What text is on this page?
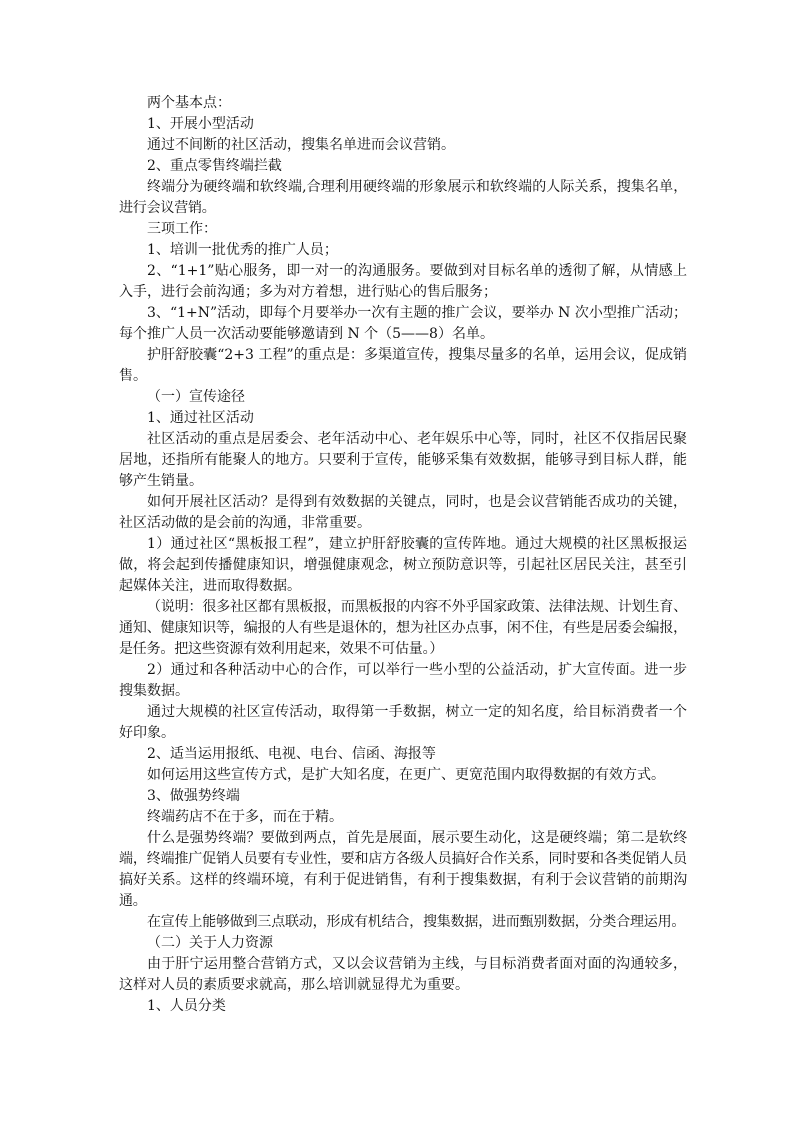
两个基本点：

1、开展小型活动

通过不间断的社区活动，搜集名单进而会议营销。

2、重点零售终端拦截

终端分为硬终端和软终端,合理利用硬终端的形象展示和软终端的人际关系，搜集名单，进行会议营销。

三项工作：

1、培训一批优秀的推广人员；

2、“1+1”贴心服务，即一对一的沟通服务。要做到对目标名单的透彻了解，从情感上入手，进行会前沟通；多为对方着想，进行贴心的售后服务；

3、“1+N”活动，即每个月要举办一次有主题的推广会议，要举办 N 次小型推广活动；每个推广人员一次活动要能够邀请到 N 个（5——8）名单。

护肝舒胶囊“2+3 工程”的重点是：多渠道宣传，搜集尽量多的名单，运用会议，促成销售。

（一）宣传途径

1、通过社区活动

社区活动的重点是居委会、老年活动中心、老年娱乐中心等，同时，社区不仅指居民聚居地，还指所有能聚人的地方。只要利于宣传，能够采集有效数据，能够寻到目标人群，能够产生销量。

如何开展社区活动？是得到有效数据的关键点，同时，也是会议营销能否成功的关键，社区活动做的是会前的沟通，非常重要。

1）通过社区“黑板报工程”，建立护肝舒胶囊的宣传阵地。通过大规模的社区黑板报运做，将会起到传播健康知识，增强健康观念，树立预防意识等，引起社区居民关注，甚至引起媒体关注，进而取得数据。

（说明：很多社区都有黑板报，而黑板报的内容不外乎国家政策、法律法规、计划生育、通知、健康知识等，编报的人有些是退休的，想为社区办点事，闲不住，有些是居委会编报，是任务。把这些资源有效利用起来，效果不可估量。）

2）通过和各种活动中心的合作，可以举行一些小型的公益活动，扩大宣传面。进一步搜集数据。

通过大规模的社区宣传活动，取得第一手数据，树立一定的知名度，给目标消费者一个好印象。

2、适当运用报纸、电视、电台、信函、海报等

如何运用这些宣传方式，是扩大知名度，在更广、更宽范围内取得数据的有效方式。

3、做强势终端

终端药店不在于多，而在于精。

什么是强势终端？要做到两点，首先是展面，展示要生动化，这是硬终端；第二是软终端，终端推广促销人员要有专业性，要和店方各级人员搞好合作关系，同时要和各类促销人员搞好关系。这样的终端环境，有利于促进销售，有利于搜集数据，有利于会议营销的前期沟通。

在宣传上能够做到三点联动，形成有机结合，搜集数据，进而甄别数据，分类合理运用。

（二）关于人力资源

由于肝宁运用整合营销方式，又以会议营销为主线，与目标消费者面对面的沟通较多，这样对人员的素质要求就高，那么培训就显得尤为重要。

1、人员分类
